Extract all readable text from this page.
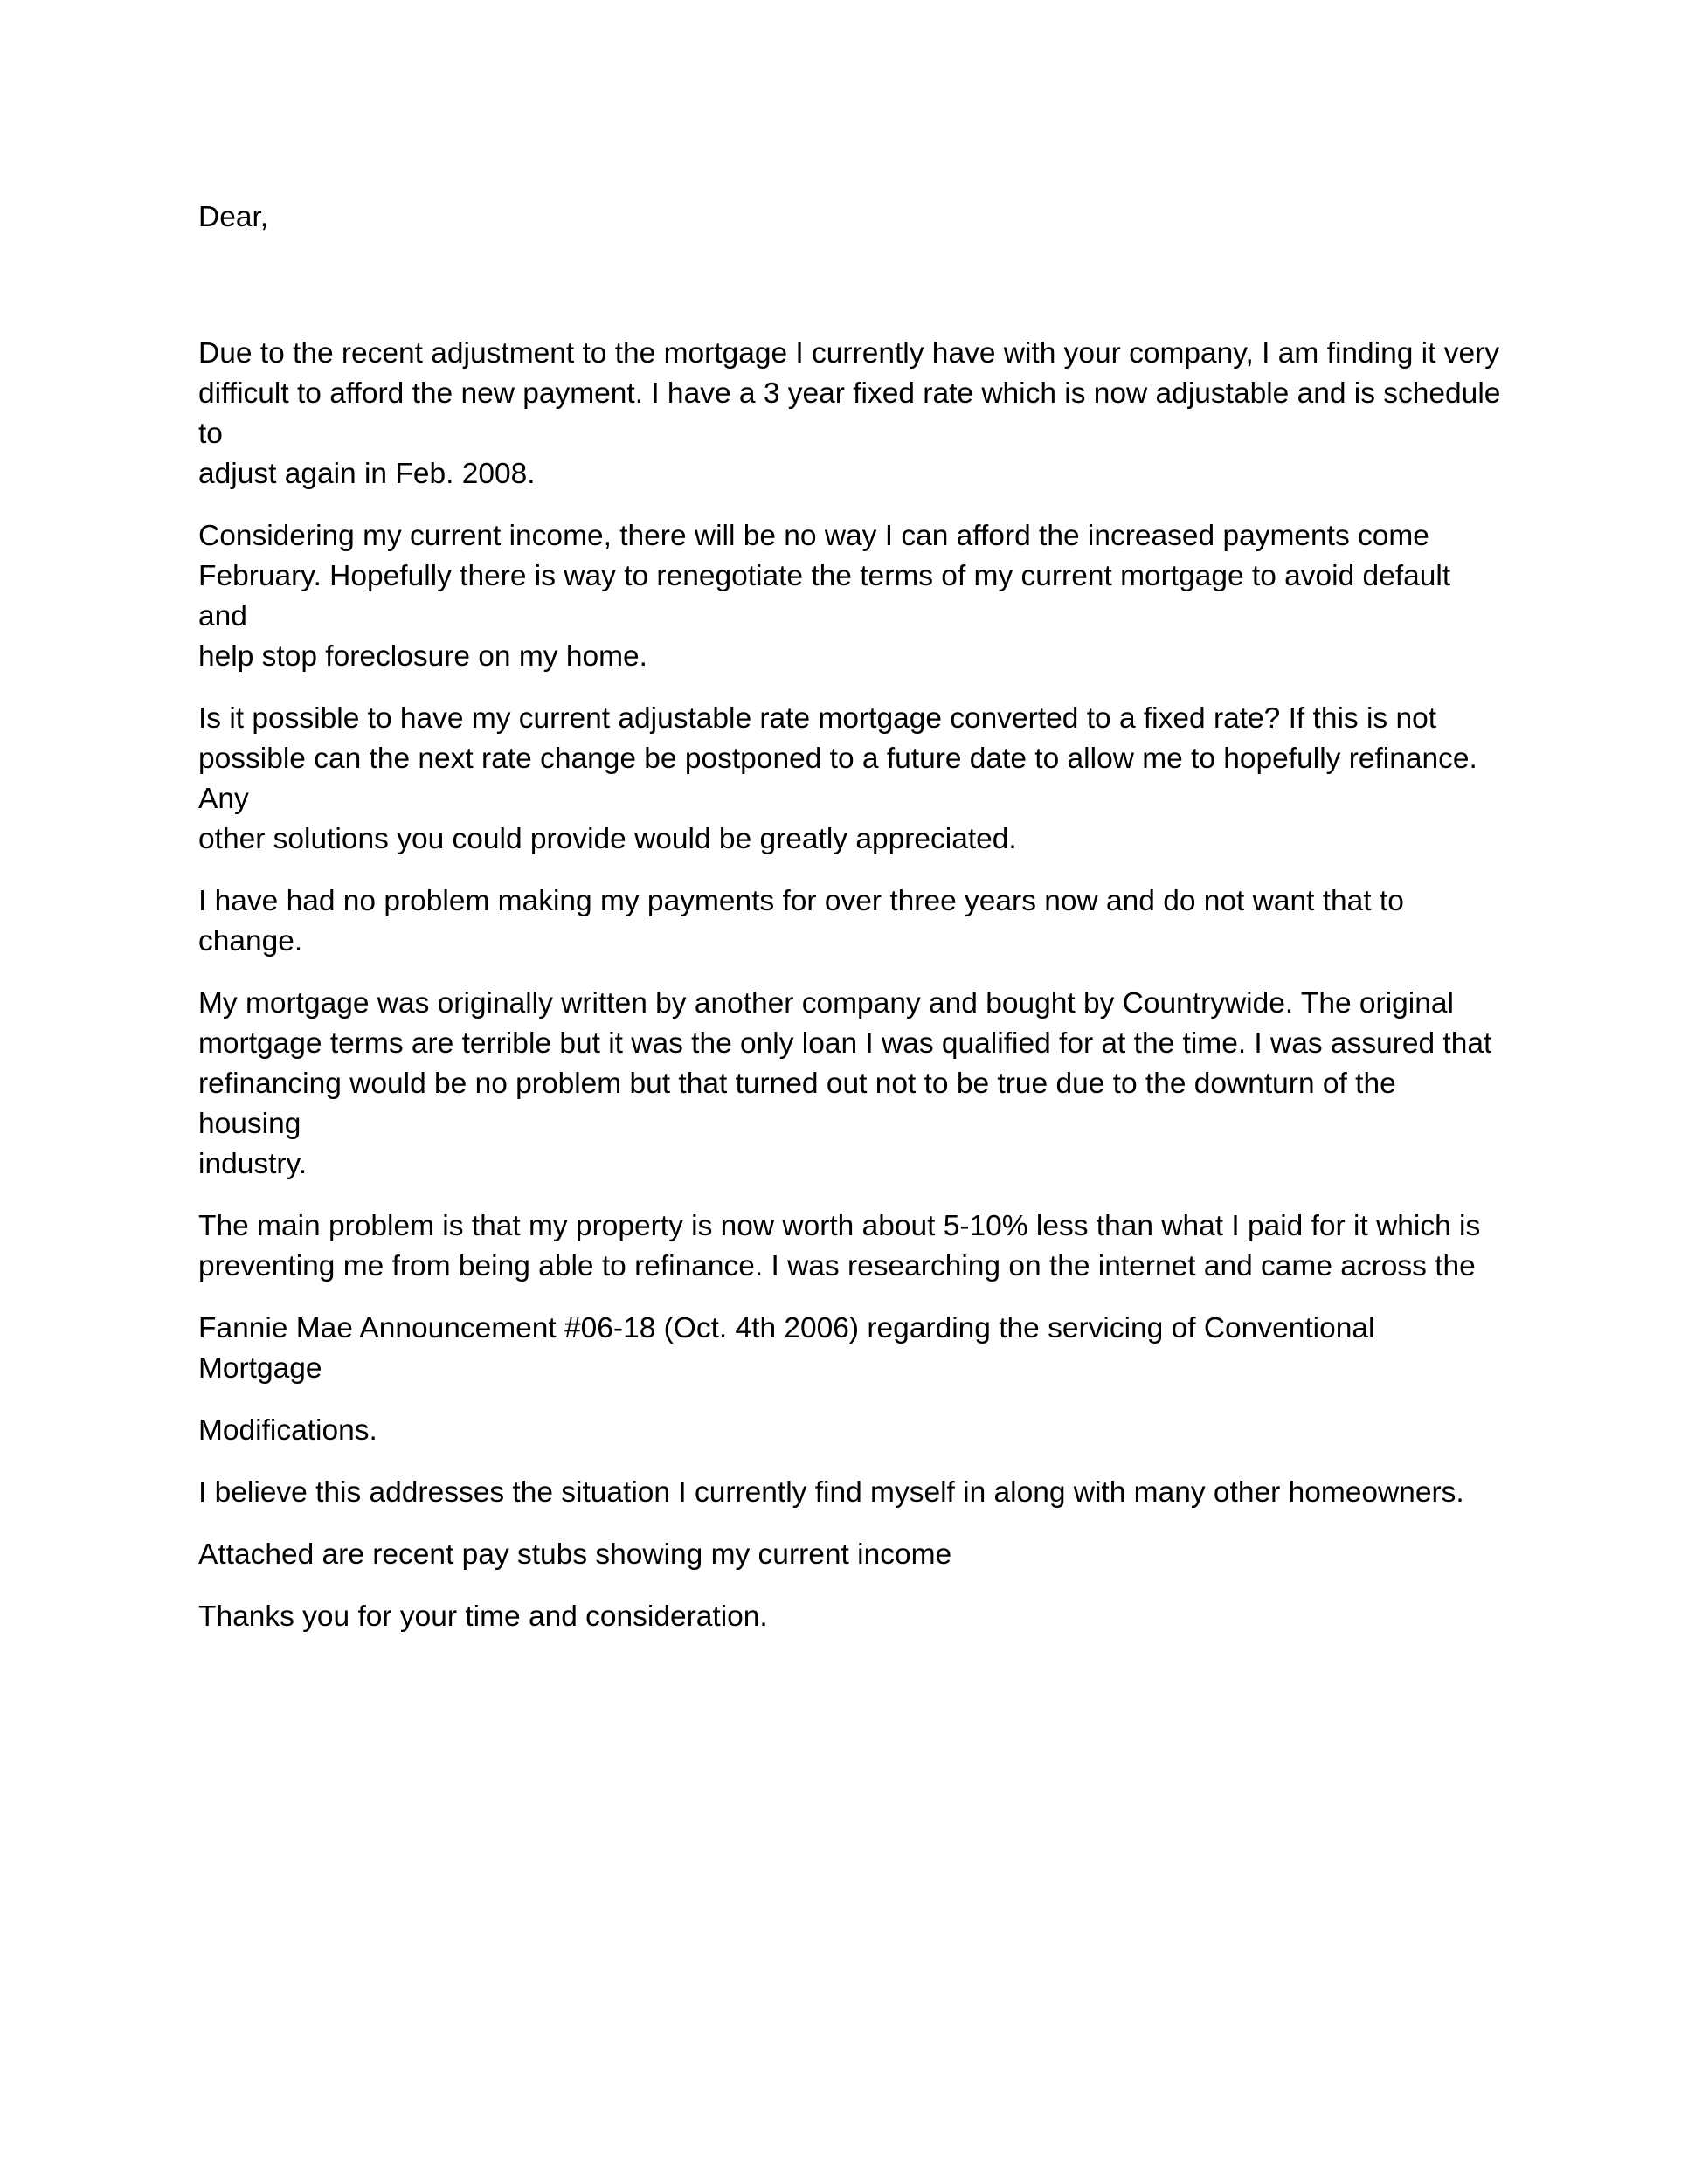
Dear,

Due to the recent adjustment to the mortgage I currently have with your company, I am finding it very
difficult to afford the new payment. I have a 3 year fixed rate which is now adjustable and is schedule to
adjust again in Feb. 2008.

Considering my current income, there will be no way I can afford the increased payments come
February. Hopefully there is way to renegotiate the terms of my current mortgage to avoid default and
help stop foreclosure on my home.

Is it possible to have my current adjustable rate mortgage converted to a fixed rate? If this is not
possible can the next rate change be postponed to a future date to allow me to hopefully refinance. Any
other solutions you could provide would be greatly appreciated.

I have had no problem making my payments for over three years now and do not want that to change.

My mortgage was originally written by another company and bought by Countrywide. The original
mortgage terms are terrible but it was the only loan I was qualified for at the time. I was assured that
refinancing would be no problem but that turned out not to be true due to the downturn of the housing
industry.

The main problem is that my property is now worth about 5-10% less than what I paid for it which is
preventing me from being able to refinance. I was researching on the internet and came across the

Fannie Mae Announcement #06-18 (Oct. 4th 2006) regarding the servicing of Conventional Mortgage

Modifications.

I believe this addresses the situation I currently find myself in along with many other homeowners.

Attached are recent pay stubs showing my current income

Thanks you for your time and consideration.
